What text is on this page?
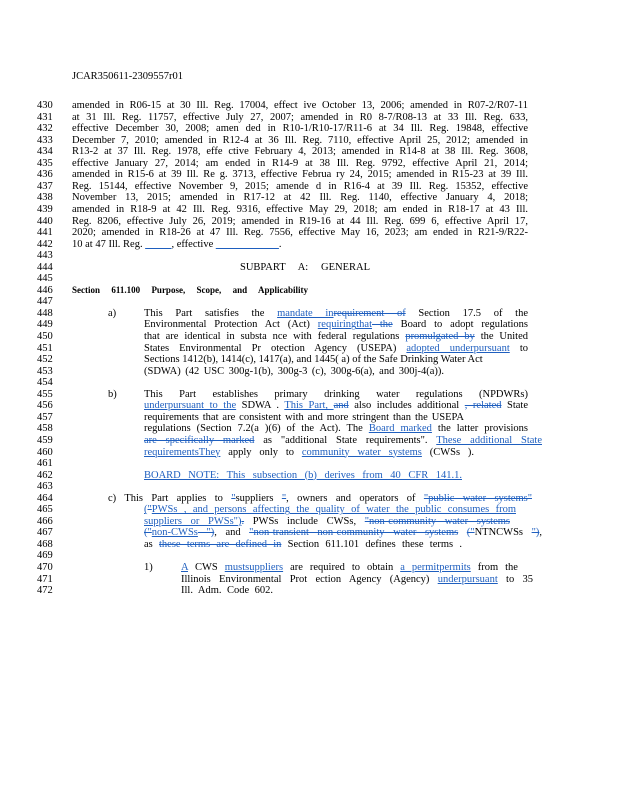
JCAR350611-2309557r01
430	amended in R06-15 at 30 Ill. Reg. 17004, effect ive October 13, 2006; amended in R07-2/R07-11
431	at 31 Ill. Reg. 11757, effective July 27, 2007; amended in R0 8-7/R08-13 at 33 Ill. Reg. 633,
432	effective December 30, 2008; amen ded in R10-1/R10-17/R11-6 at 34 Ill. Reg. 19848, effective
433	December 7, 2010; amended in R12-4 at 36 Ill. Reg. 7110, effective April 25, 2012; amended in
434	R13-2 at 37 Ill. Reg. 1978, effe ctive February 4, 2013; amended in R14-8 at 38 Ill. Reg. 3608,
435	effective January 27, 2014; am ended in R14-9 at 38 Ill. Reg. 9792, effective April 21, 2014;
436	amended in R15-6 at 39 Ill. Re g. 3713, effective Februa ry 24, 2015; amended in R15-23 at 39 Ill.
437	Reg. 15144, effective November 9, 2015; amende d in R16-4 at 39 Ill. Reg. 15352, effective
438	November 13, 2015; amended in R17-12 at 42 Ill. Reg. 1140, effective January 4, 2018;
439	amended in R18-9 at 42 Ill. Reg. 9316, effective May 29, 2018; am ended in R18-17 at 43 Ill.
440	Reg. 8206, effective July 26, 2019; amended in R19-16 at 44 Ill. Reg. 699 6, effective April 17,
441	2020; amended in R18-26 at 47 Ill. Reg. 7556, effective May 16, 2023; am ended in R21-9/R22-
442	10 at 47 Ill. Reg. _____, effective ____________.
443
444	SUBPART A: GENERAL
445
446	Section 611.100 Purpose, Scope, and Applicability
447
448	a)	This Part satisfies the mandate inrequirement of Section 17.5 of the
449	Environmental Protection Act (Act) requiringthat the Board to adopt regulations
450	that are identical in substa nce with federal regulations promulgated by the United
451	States Environmental Pr otection Agency (USEPA) adopted underpursuant to
452	Sections 1412(b), 1414(c), 1417(a), and 1445( a) of the Safe Drinking Water Act
453	(SDWA) (42 USC 300g-1(b), 300g-3 (c), 300g-6(a), and 300j-4(a)).
454
455	b)	This Part establishes primary drinking water regulations (NPDWRs)
456	underpursuant to the SDWA . This Part, and also includes additional , related State
457	requirements that are consistent with and more stringent than the USEPA
458	regulations (Section 7.2(a )(6) of the Act). The Board marked the latter provisions
459	are specifically marked as "additional State requirements". These additional State
460	requirementsThey apply only to community water systems (CWSs ).
461
462	BOARD NOTE: This subsection (b) derives from 40 CFR 141.1.
463
464	c) This Part applies to "suppliers ", owners and operators of "public water systems"
465	("PWSs , and persons affecting the quality of water the public consumes from
466	suppliers or PWSs"). PWSs include CWSs, "non-community water systems
467	("non-CWSs "), and "non-transient non-community water systems ("NTNCWSs "),
468	as these terms are defined in Section 611.101 defines these terms .
469
470	1)	A CWS mustsuppliers are required to obtain a permitpermits from the
471	Illinois Environmental Prot ection Agency (Agency) underpursuant to 35
472	Ill. Adm. Code 602.
